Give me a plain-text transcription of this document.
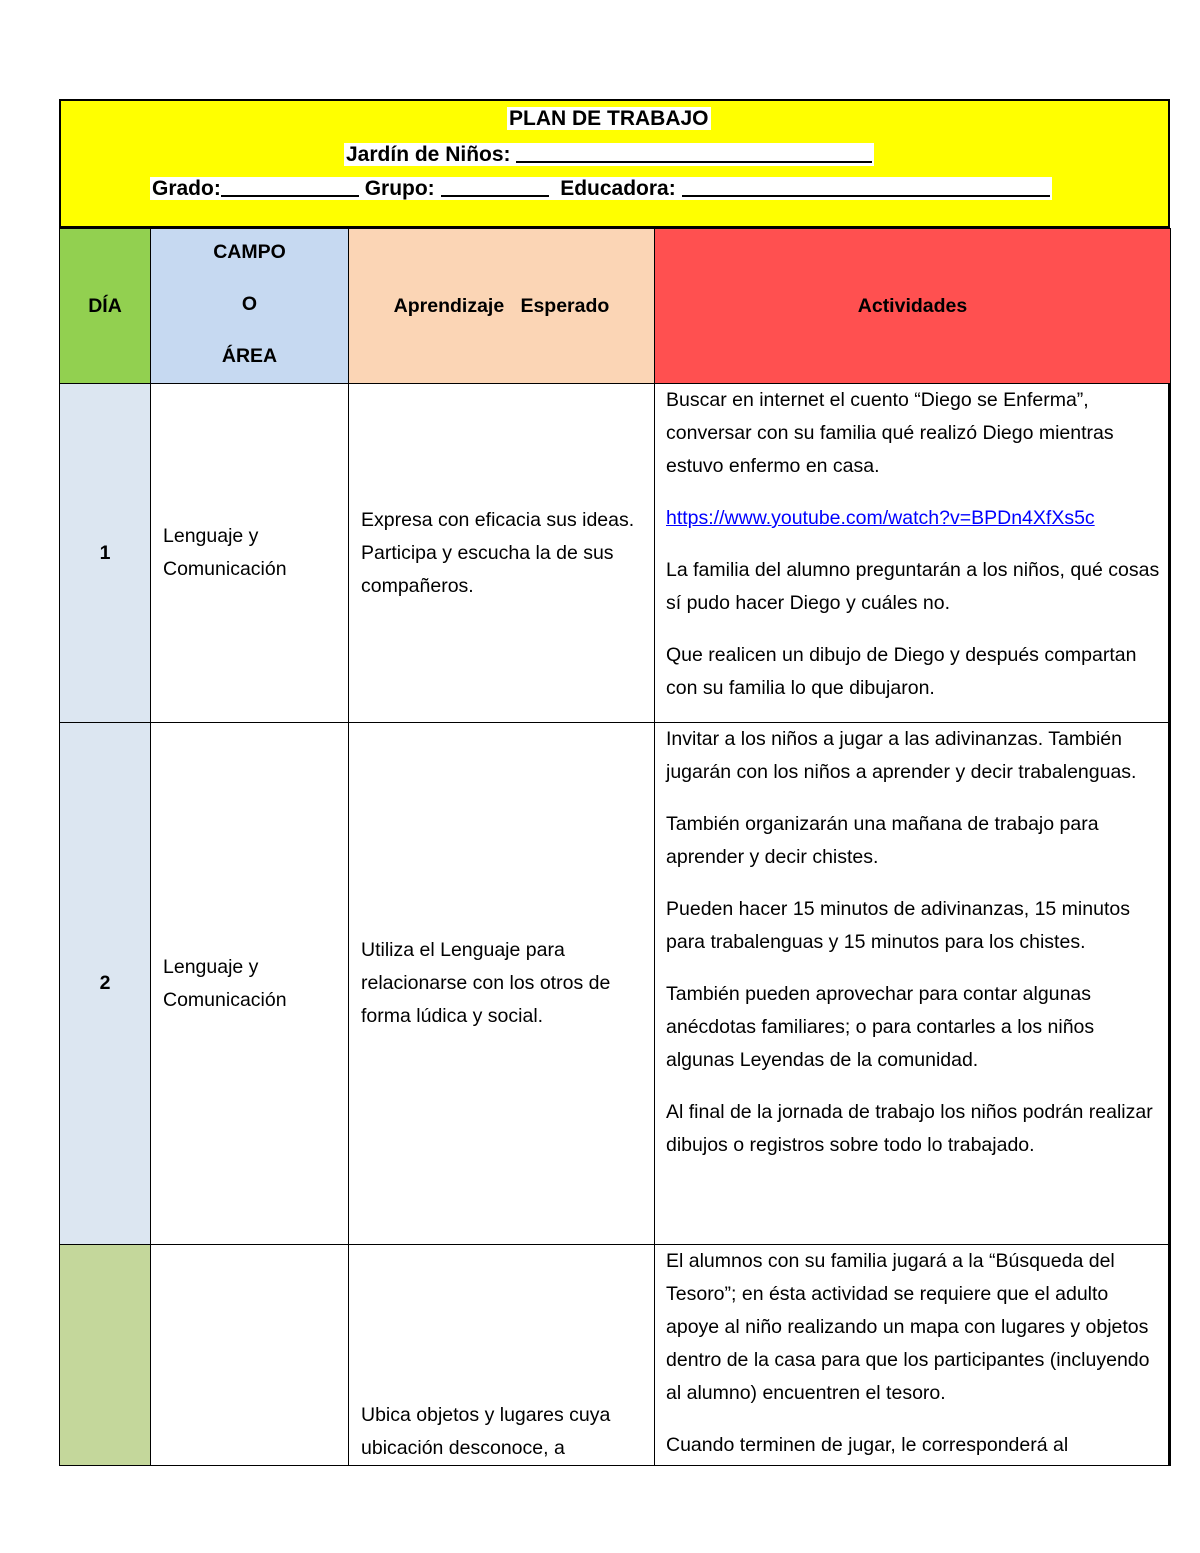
PLAN DE TRABAJO
Jardín de Niños:
Grado:	Grupo:	Educadora:
DÍA	CAMPO
O
ÁREA	Aprendizaje   Esperado	Actividades
1	Lenguaje y Comunicación	Expresa con eficacia sus ideas. Participa y escucha la de sus compañeros.	Buscar en internet el cuento “Diego se Enferma”, conversar con su familia qué realizó Diego mientras estuvo enfermo en casa.

https://www.youtube.com/watch?v=BPDn4XfXs5c

La familia del alumno preguntarán a los niños, qué cosas sí pudo hacer Diego y cuáles no.

Que realicen un dibujo de Diego y después compartan con su familia lo que dibujaron.

2	Lenguaje y Comunicación	Utiliza el Lenguaje para relacionarse con los otros de forma lúdica y social.	Invitar a los niños a jugar a las adivinanzas. También jugarán con los niños a aprender y decir trabalenguas.

También organizarán una mañana de trabajo para aprender y decir chistes.

Pueden hacer 15 minutos de adivinanzas, 15 minutos para trabalenguas y 15 minutos para los chistes.

También pueden aprovechar para contar algunas anécdotas familiares; o para contarles a los niños algunas Leyendas de la comunidad.

Al final de la jornada de trabajo los niños podrán realizar dibujos o registros sobre todo lo trabajado.

		Ubica objetos y lugares cuya ubicación desconoce, a	El alumnos con su familia jugará a la “Búsqueda del Tesoro”; en ésta actividad se requiere que el adulto apoye al niño realizando un mapa con lugares y objetos dentro de la casa para que los participantes (incluyendo al alumno) encuentren el tesoro.

Cuando terminen de jugar, le corresponderá al
